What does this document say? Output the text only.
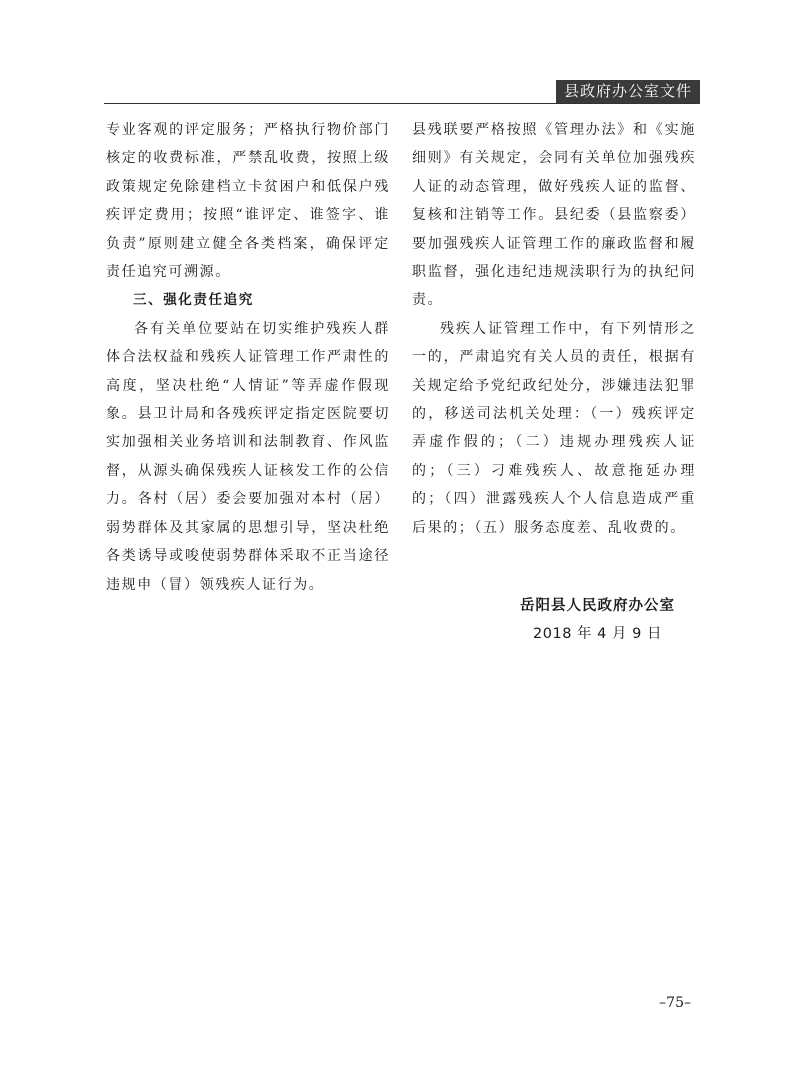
县政府办公室文件

专业客观的评定服务；严格执行物价部门核定的收费标准，严禁乱收费，按照上级政策规定免除建档立卡贫困户和低保户残疾评定费用；按照“谁评定、谁签字、谁负责”原则建立健全各类档案，确保评定责任追究可溯源。

三、强化责任追究

各有关单位要站在切实维护残疾人群体合法权益和残疾人证管理工作严肃性的高度，坚决杜绝“人情证”等弄虚作假现象。县卫计局和各残疾评定指定医院要切实加强相关业务培训和法制教育、作风监督，从源头确保残疾人证核发工作的公信力。各村（居）委会要加强对本村（居）弱势群体及其家属的思想引导，坚决杜绝各类诱导或唆使弱势群体采取不正当途径违规申（冒）领残疾人证行为。

县残联要严格按照《管理办法》和《实施细则》有关规定，会同有关单位加强残疾人证的动态管理，做好残疾人证的监督、复核和注销等工作。县纪委（县监察委）要加强残疾人证管理工作的廉政监督和履职监督，强化违纪违规渎职行为的执纪问责。

残疾人证管理工作中，有下列情形之一的，严肃追究有关人员的责任，根据有关规定给予党纪政纪处分，涉嫌违法犯罪的，移送司法机关处理：（一）残疾评定弄虚作假的；（二）违规办理残疾人证的；（三）刁难残疾人、故意拖延办理的；（四）泄露残疾人个人信息造成严重后果的；（五）服务态度差、乱收费的。

岳阳县人民政府办公室
2018 年 4 月 9 日
–75–
